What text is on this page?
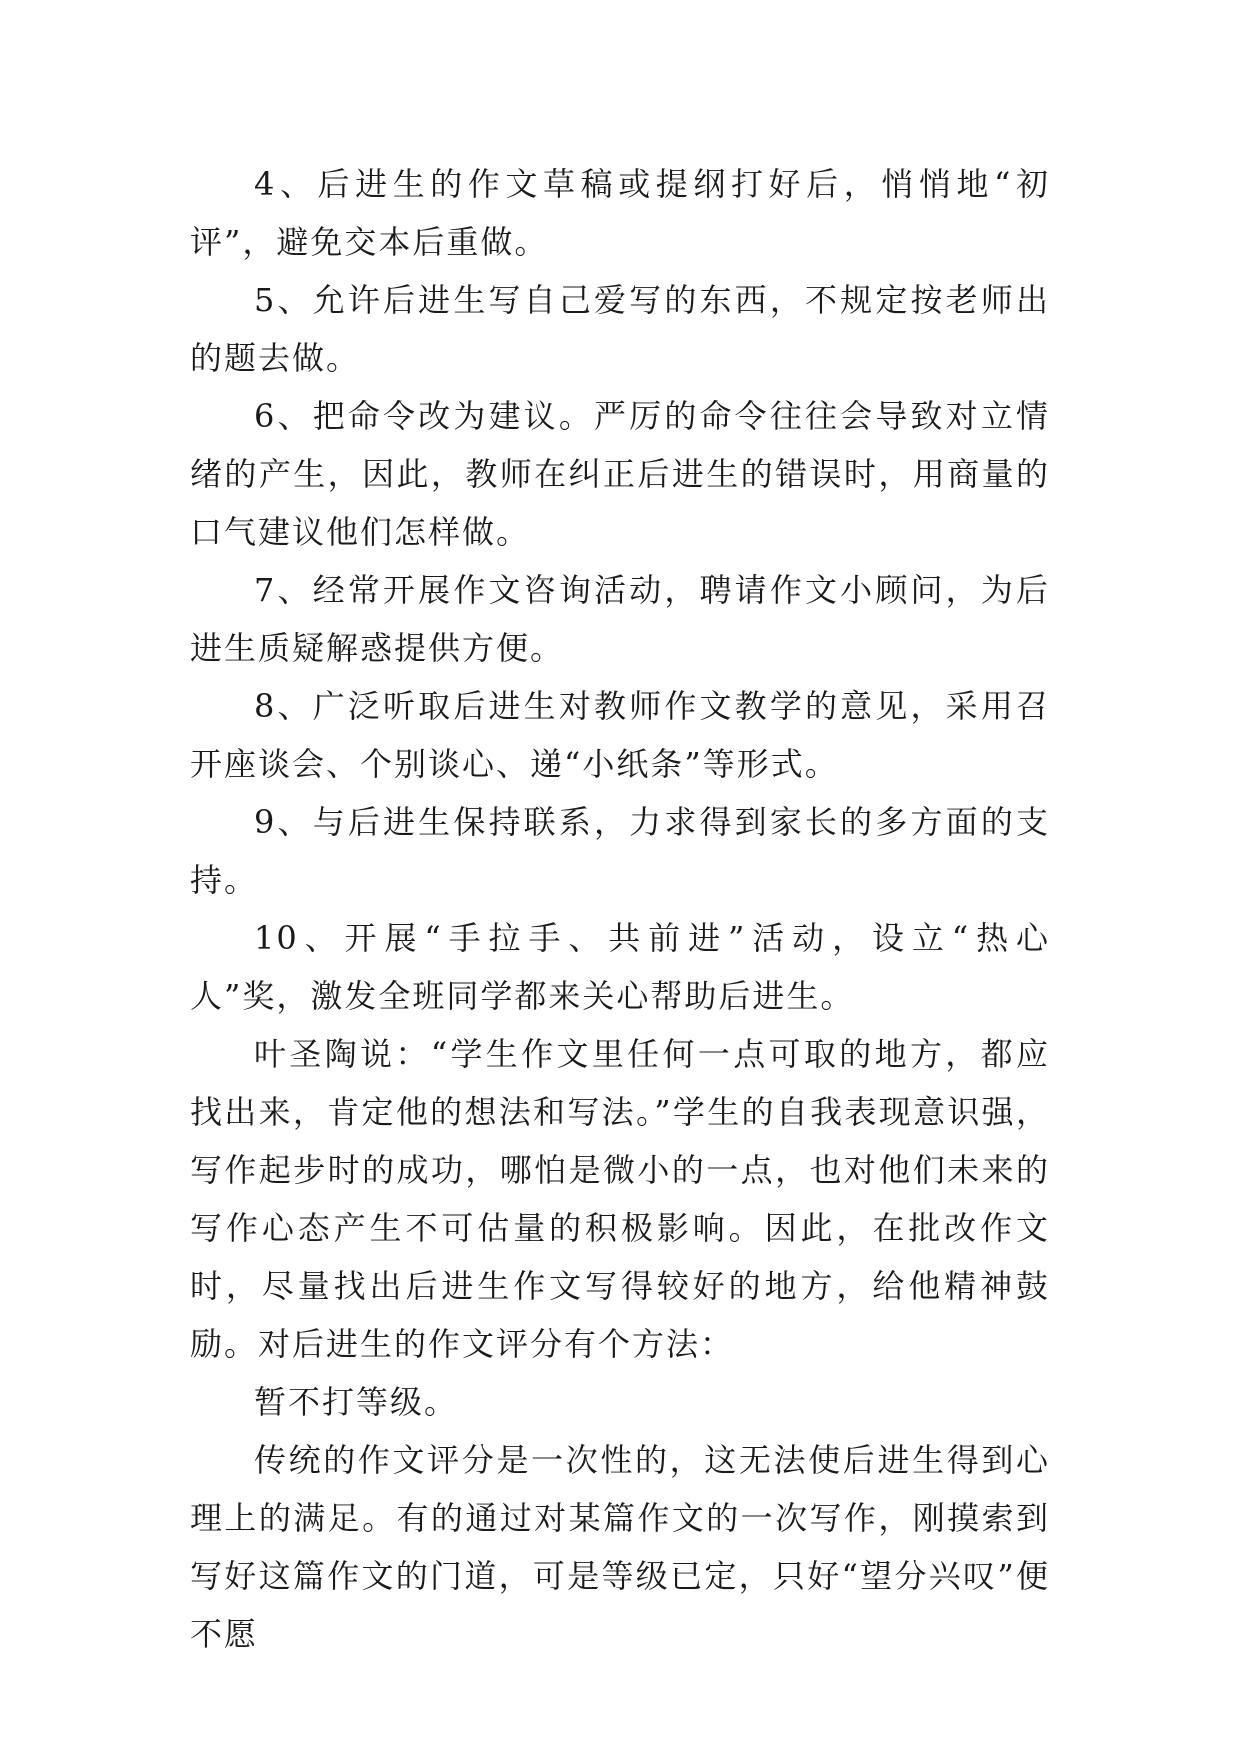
4、后进生的作文草稿或提纲打好后，悄悄地“初评”，避免交本后重做。

5、允许后进生写自己爱写的东西，不规定按老师出的题去做。

6、把命令改为建议。严厉的命令往往会导致对立情绪的产生，因此，教师在纠正后进生的错误时，用商量的口气建议他们怎样做。

7、经常开展作文咨询活动，聘请作文小顾问，为后进生质疑解惑提供方便。

8、广泛听取后进生对教师作文教学的意见，采用召开座谈会、个别谈心、递“小纸条”等形式。

9、与后进生保持联系，力求得到家长的多方面的支持。

10、开展“手拉手、共前进”活动，设立“热心人”奖，激发全班同学都来关心帮助后进生。

叶圣陶说：“学生作文里任何一点可取的地方，都应找出来，肯定他的想法和写法。”学生的自我表现意识强，写作起步时的成功，哪怕是微小的一点，也对他们未来的写作心态产生不可估量的积极影响。因此，在批改作文时，尽量找出后进生作文写得较好的地方，给他精神鼓励。对后进生的作文评分有个方法：

暂不打等级。

传统的作文评分是一次性的，这无法使后进生得到心理上的满足。有的通过对某篇作文的一次写作，刚摸索到写好这篇作文的门道，可是等级已定，只好“望分兴叹”便不愿
